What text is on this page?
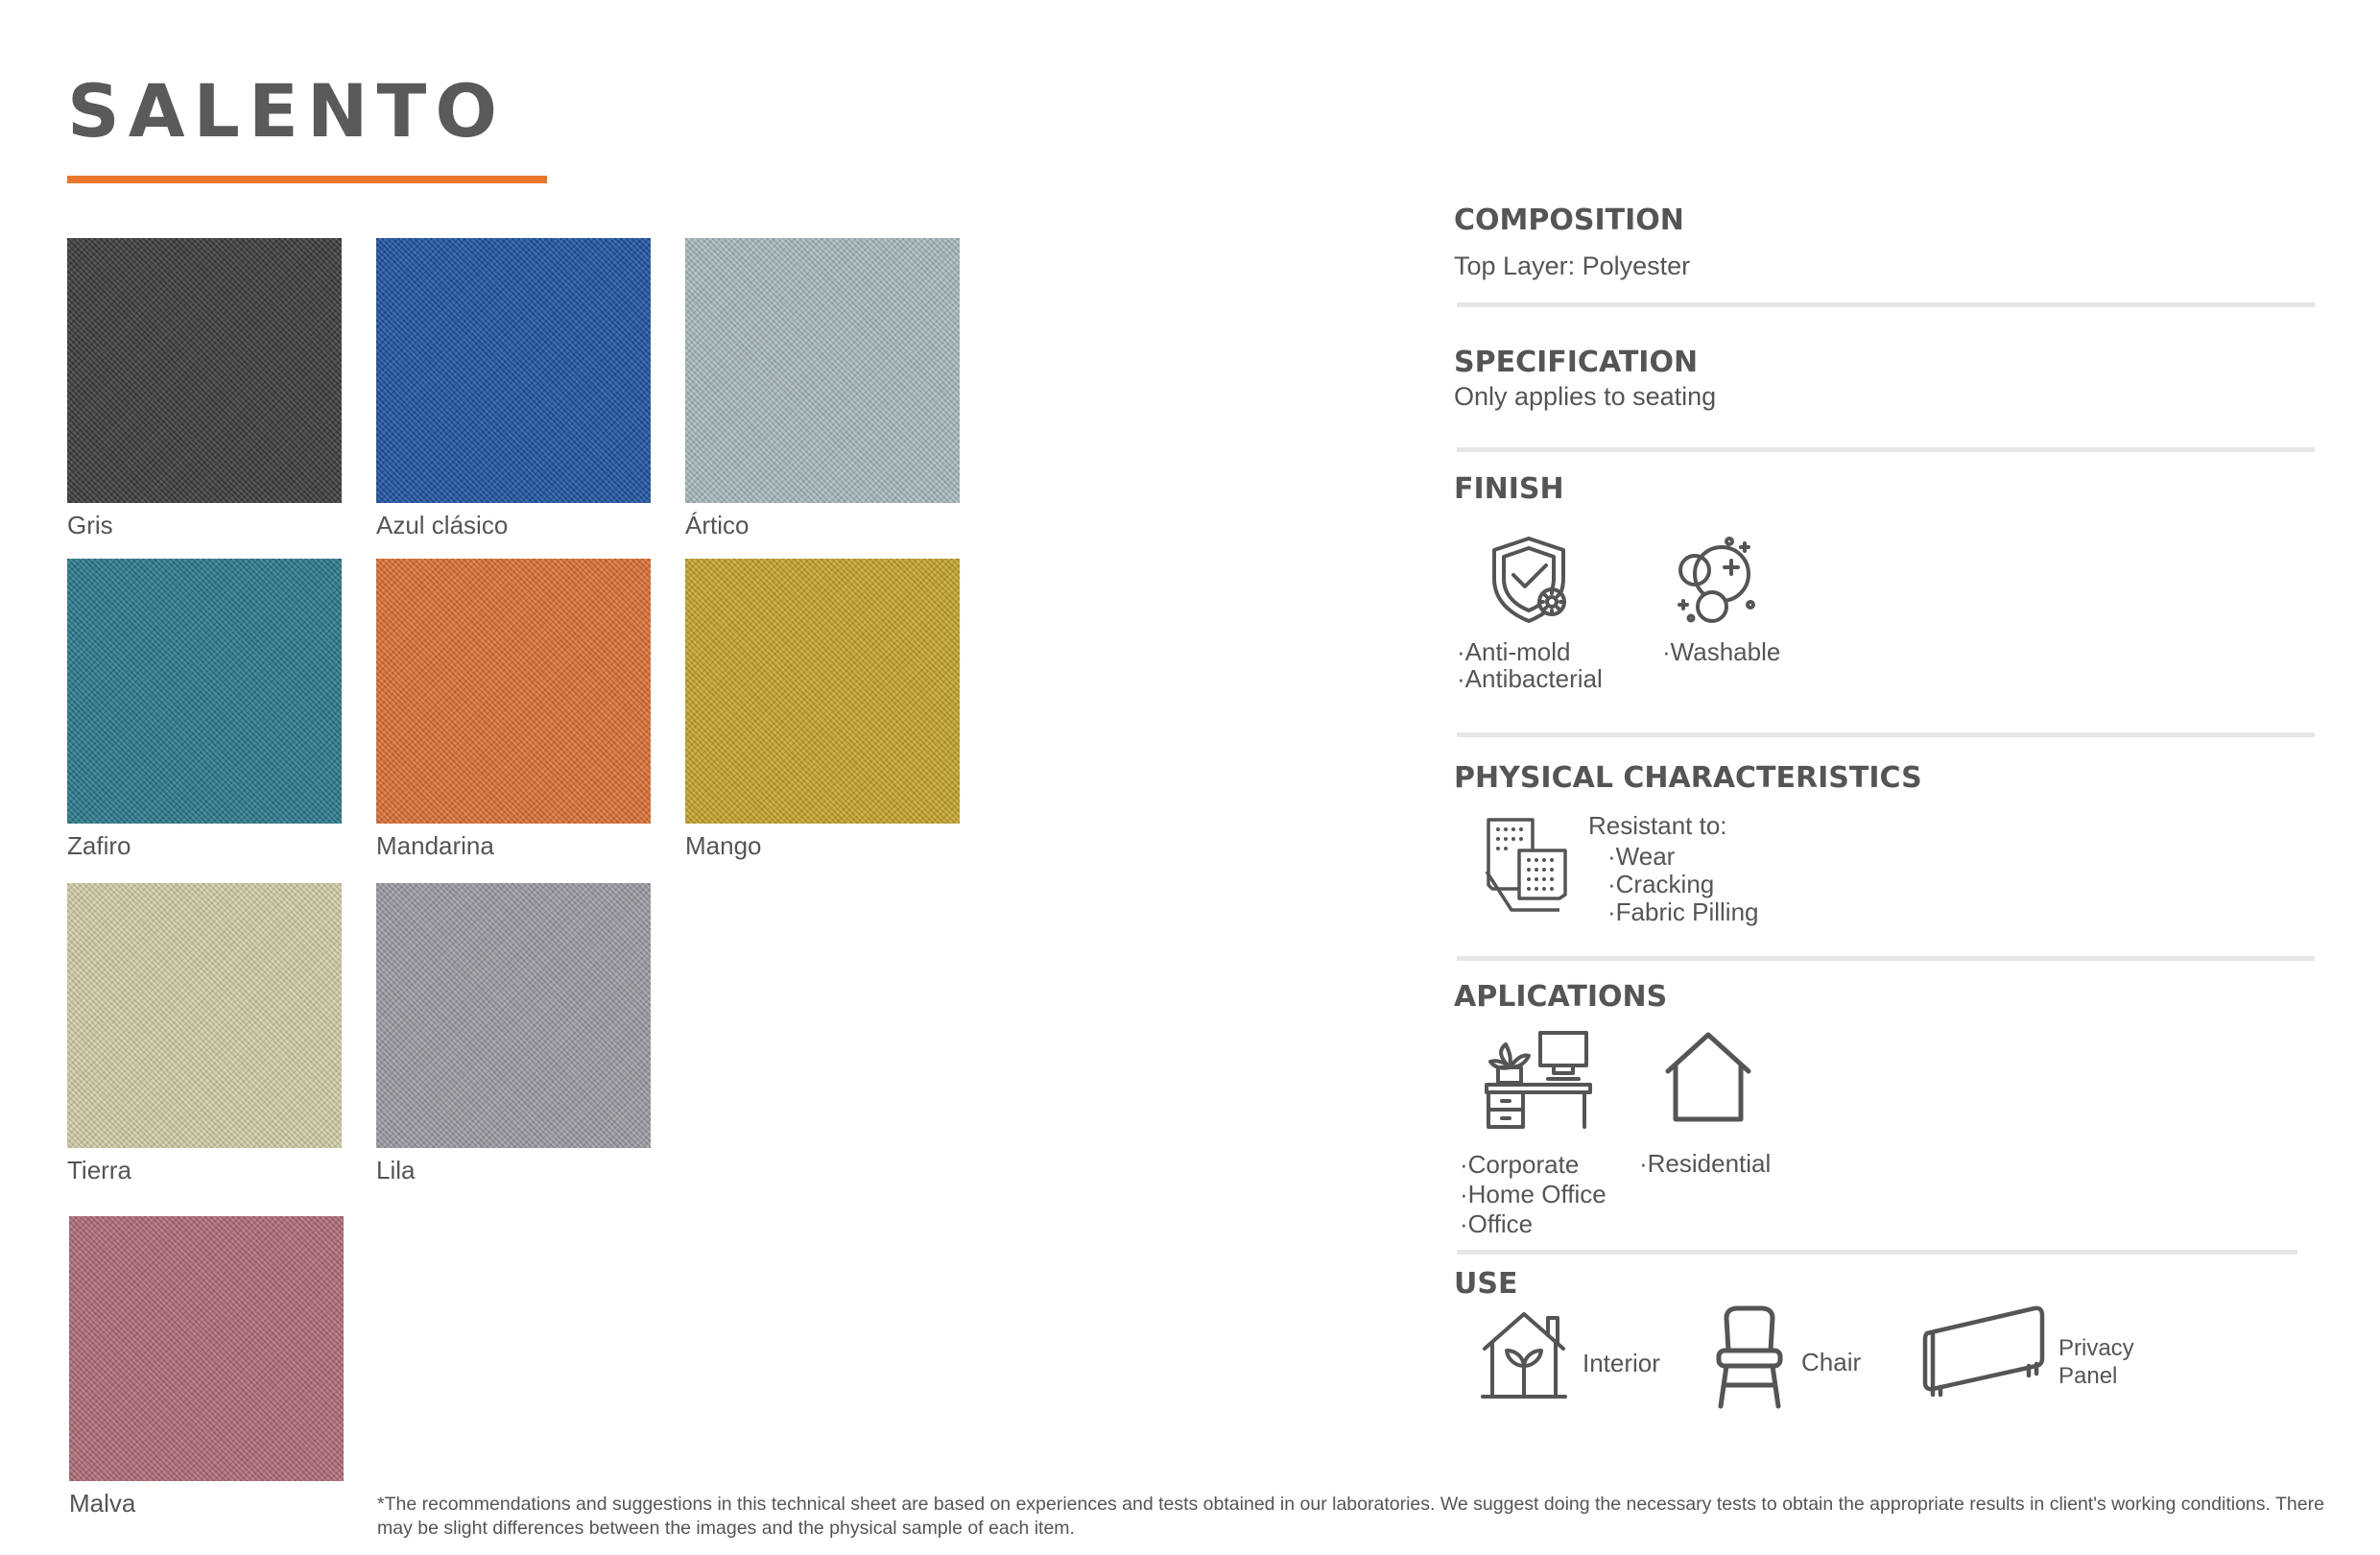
SALENTO
Gris	Azul clásico	Ártico
Zafiro	Mandarina	Mango
Tierra	Lila
Malva
COMPOSITION
Top Layer: Polyester
SPECIFICATION
Only applies to seating
FINISH
·Anti-mold
·Antibacterial
·Washable
PHYSICAL CHARACTERISTICS
Resistant to:
·Wear
·Cracking
·Fabric Pilling
APLICATIONS
·Corporate
·Home Office
·Office
·Residential
USE
Interior	Chair	Privacy
Panel
*The recommendations and suggestions in this technical sheet are based on experiences and tests obtained in our laboratories. We suggest doing the necessary tests to obtain the appropriate results in client's working conditions. There may be slight differences between the images and the physical sample of each item.
